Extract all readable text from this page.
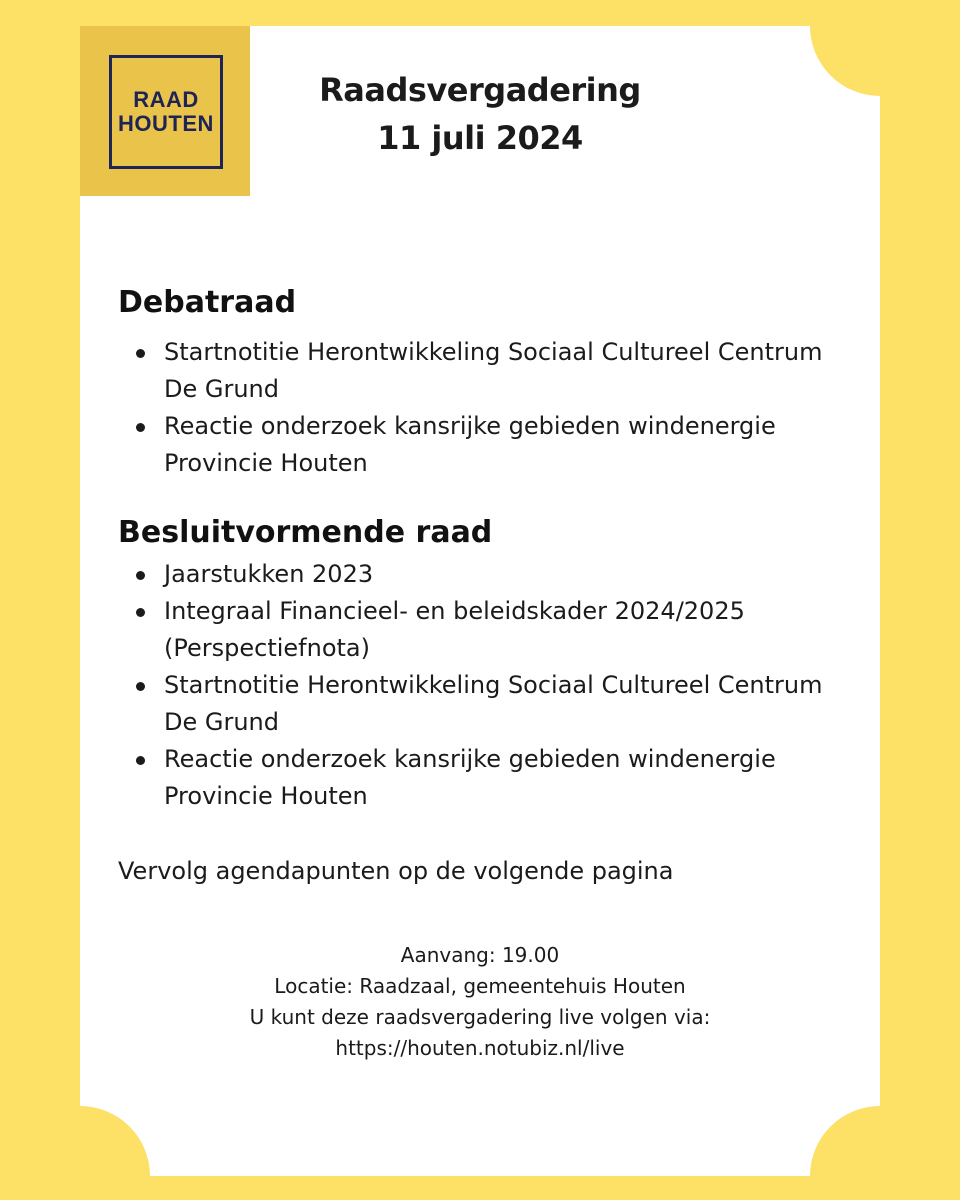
RAAD
HOUTEN
Raadsvergadering
11 juli 2024
Debatraad
Startnotitie Herontwikkeling Sociaal Cultureel Centrum De Grund
Reactie onderzoek kansrijke gebieden windenergie Provincie Houten
Besluitvormende raad
Jaarstukken 2023
Integraal Financieel- en beleidskader 2024/2025 (Perspectiefnota)
Startnotitie Herontwikkeling Sociaal Cultureel Centrum De Grund
Reactie onderzoek kansrijke gebieden windenergie Provincie Houten
Vervolg agendapunten op de volgende pagina
Aanvang: 19.00
Locatie: Raadzaal, gemeentehuis Houten
U kunt deze raadsvergadering live volgen via:
https://houten.notubiz.nl/live
